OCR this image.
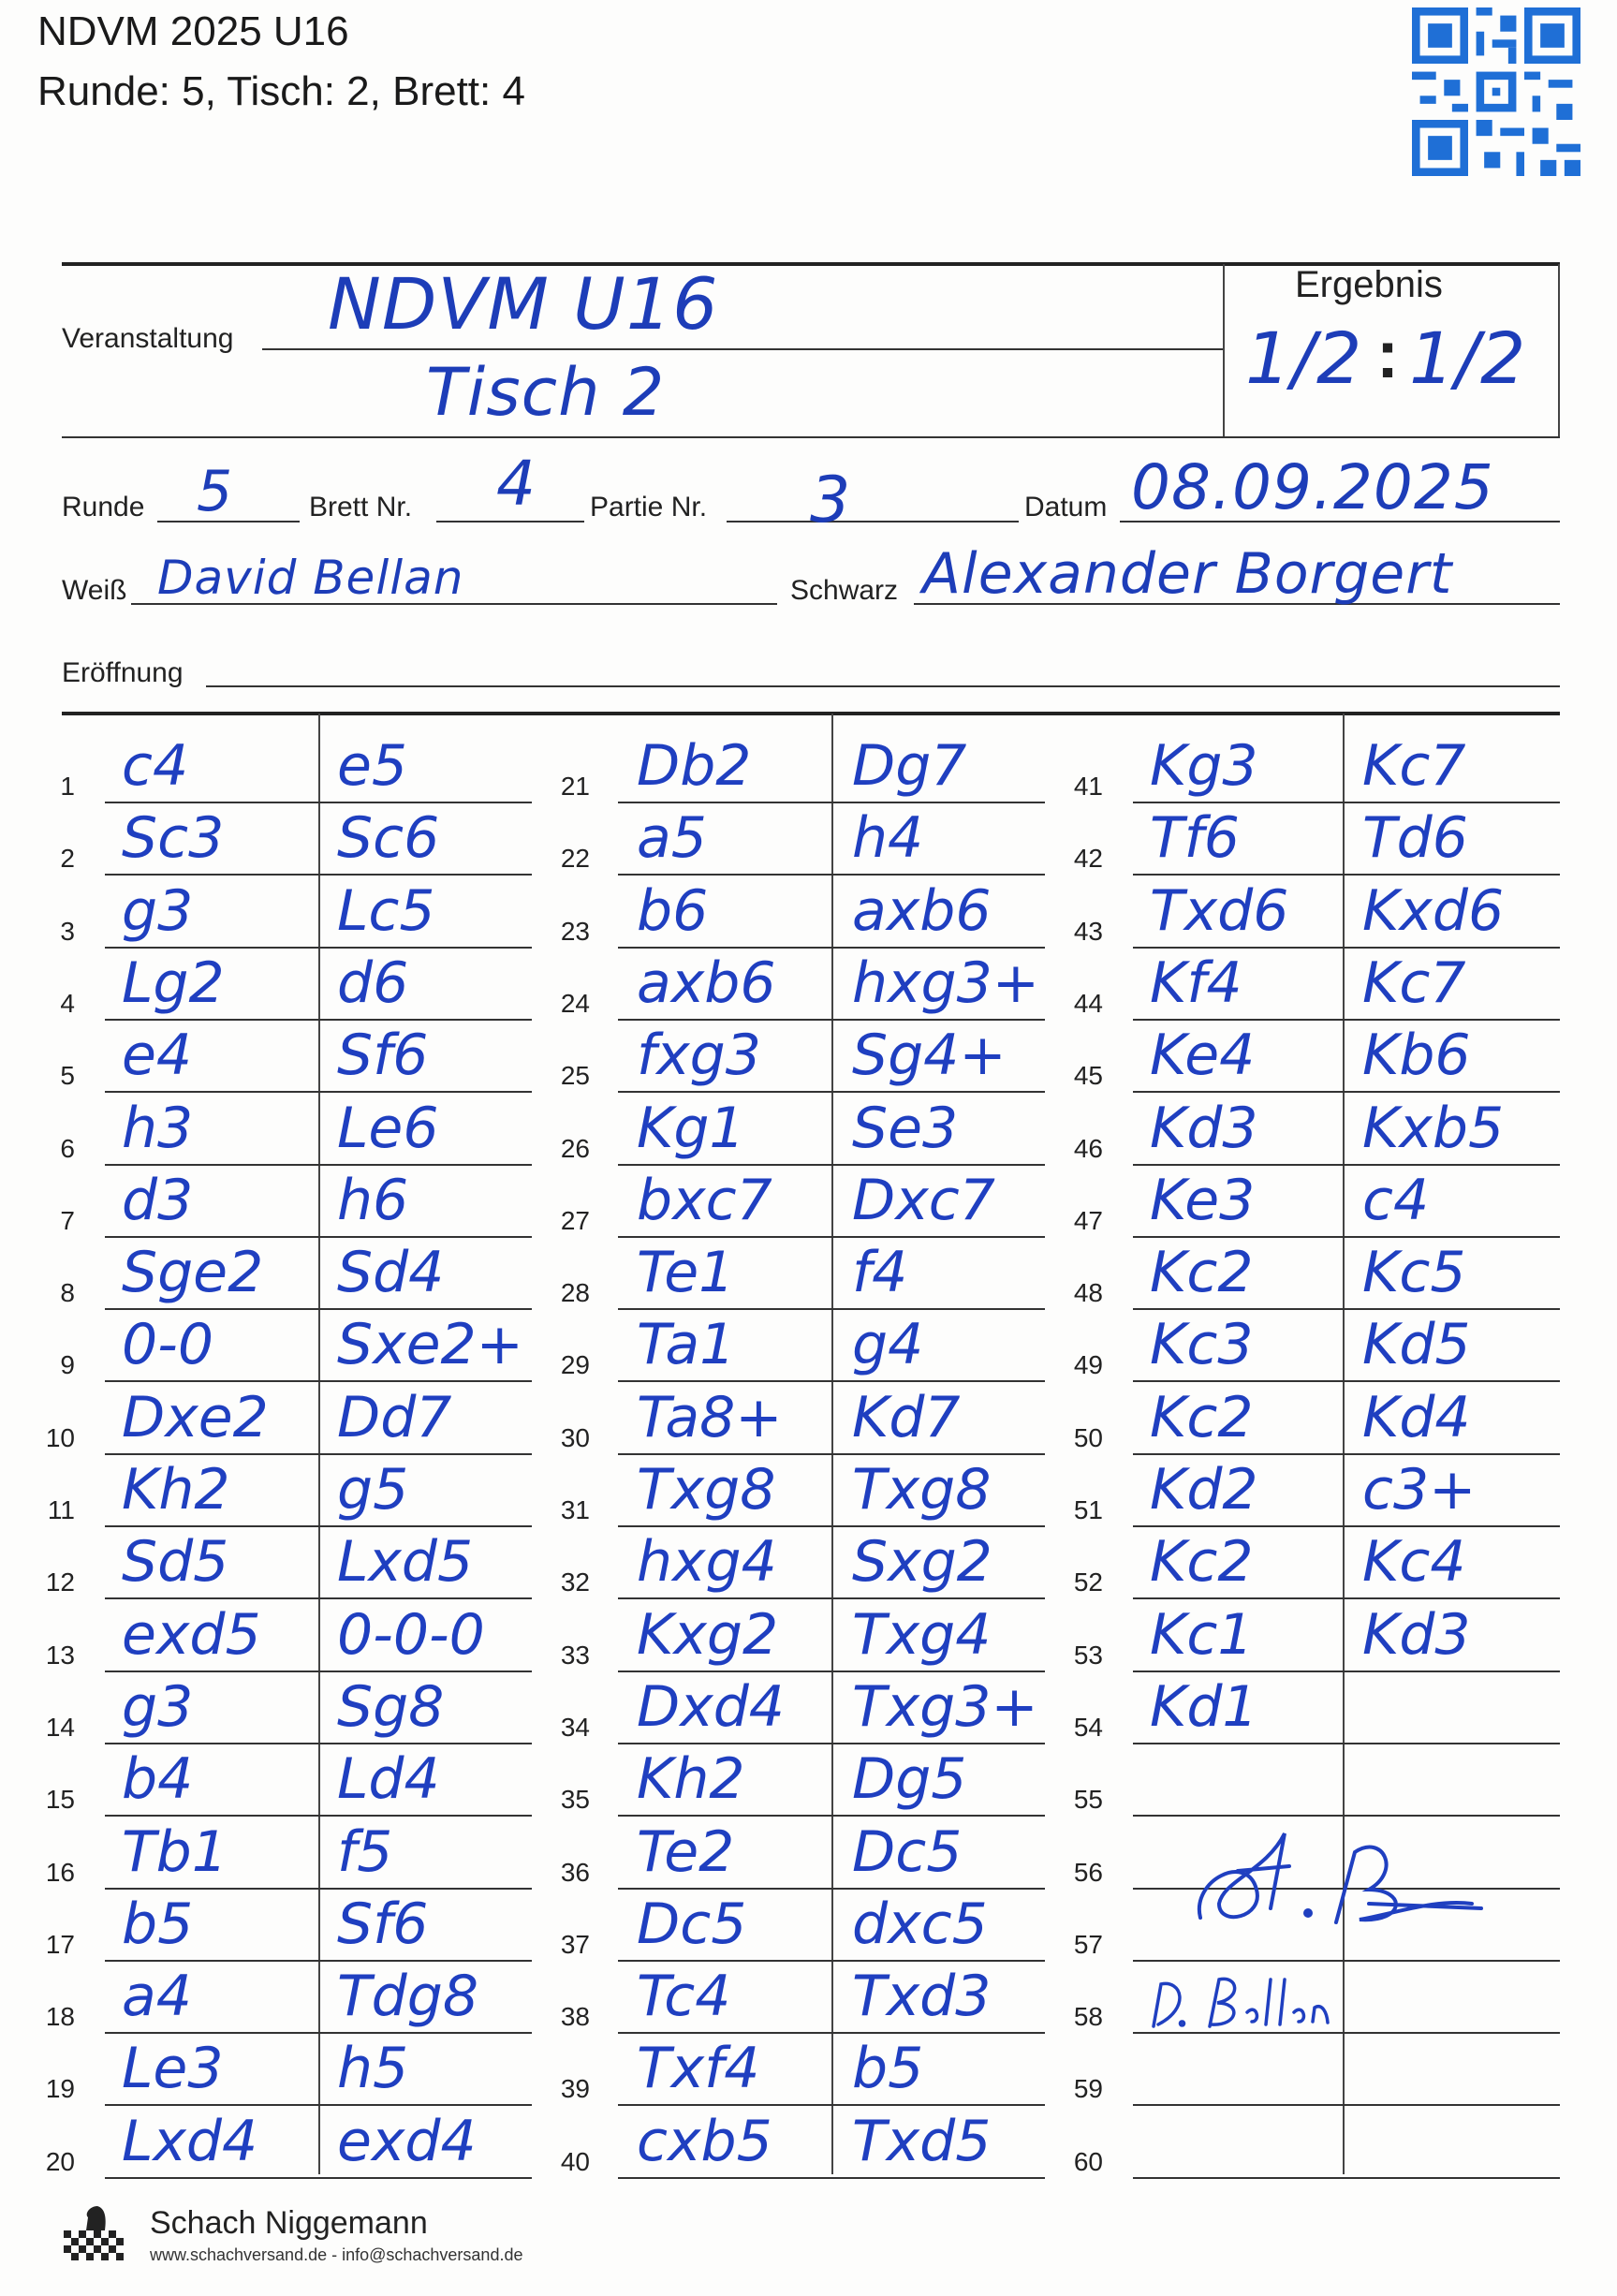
NDVM 2025 U16
Runde: 5, Tisch: 2, Brett: 4
Veranstaltung NDVM U16
Tisch 2
Ergebnis
1/2 : 1/2
Runde 5	Brett Nr. 4 Partie Nr. 3	Datum 08.09.2025
Weiß David Bellan	Schwarz Alexander Borgert
Eröffnung
1 c4	e5
2 Sc3 Sc6
3 g3	Lc5
4 Lg2 d6
5 e4	Sf6
6 h3	Le6
7 d3	h6
8 Sge2 Sd4
9 0-0 Sxe2+
10 Dxe2 Dd7
11 Kh2 g5
12 Sd5 Lxd5
13 exd5 0-0-0
14 g3	Sg8
15 b4	Ld4
16 Tb1 f5
17 b5	Sf6
18 a4	Tdg8
19 Le3 h5
20 Lxd4 exd4
21 Db2 Dg7
22 a5	h4
23 b6	axb6
24 axb6 hxg3+
25 fxg3 Sg4+
26 Kg1 Se3
27 bxc7 Dxc7
28 Te1 f4
29 Ta1 g4
30 Ta8+ Kd7
31 Txg8 Txg8
32 hxg4 Sxg2
33 Kxg2 Txg4
34 Dxd4 Txg3+
35 Kh2 Dg5
36 Te2 Dc5
37 Dc5 dxc5
38 Tc4 Txd3
39 Txf4 b5
40 cxb5 Txd5
41 Kg3 Kc7
42 Tf6 Td6
43 Txd6 Kxd6
44 Kf4 Kc7
45 Ke4 Kb6
46 Kd3 Kxb5
47 Ke3 c4
48 Kc2 Kc5
49 Kc3 Kd5
50 Kc2 Kd4
51 Kd2 c3+
52 Kc2 Kc4
53 Kc1 Kd3
54 Kd1
55
56
57
58
59
60
Schach Niggemann
www.schachversand.de - info@schachversand.de
